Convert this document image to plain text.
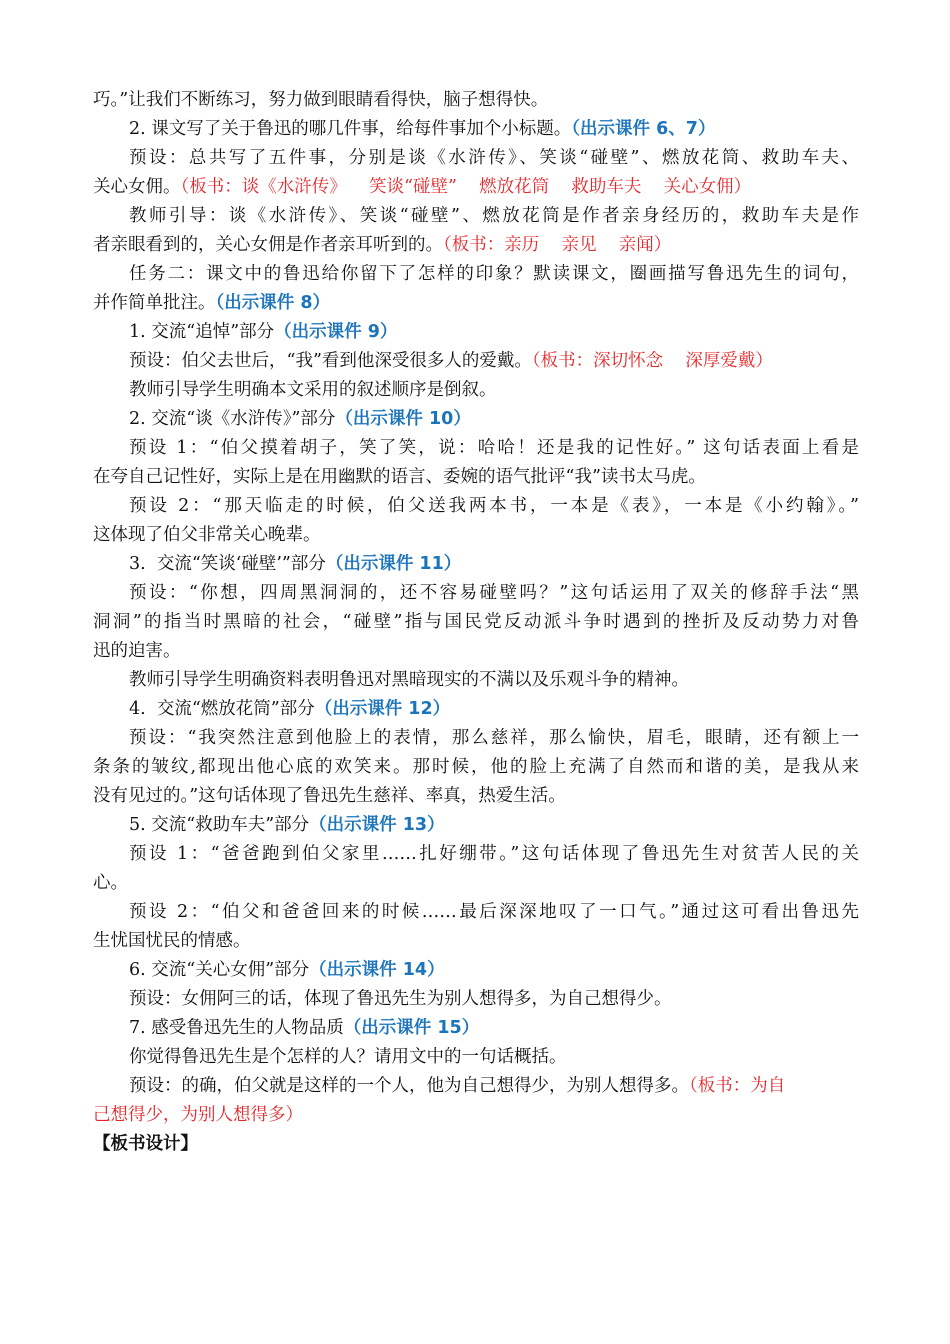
巧。”让我们不断练习，努力做到眼睛看得快，脑子想得快。
2. 课文写了关于鲁迅的哪几件事，给每件事加个小标题。（出示课件 6、7）
预设：总共写了五件事，分别是谈《水浒传》、笑谈“碰壁”、燃放花筒、救助车夫、
关心女佣。（板书：谈《水浒传》    笑谈“碰壁”    燃放花筒    救助车夫    关心女佣）
教师引导：谈《水浒传》、笑谈“碰壁”、燃放花筒是作者亲身经历的，救助车夫是作
者亲眼看到的，关心女佣是作者亲耳听到的。（板书：亲历    亲见    亲闻）
任务二：课文中的鲁迅给你留下了怎样的印象？默读课文，圈画描写鲁迅先生的词句，
并作简单批注。（出示课件 8）
1. 交流“追悼”部分（出示课件 9）
预设：伯父去世后，“我”看到他深受很多人的爱戴。（板书：深切怀念    深厚爱戴）
教师引导学生明确本文采用的叙述顺序是倒叙。
2. 交流“谈《水浒传》”部分（出示课件 10）
预设 1：“伯父摸着胡子，笑了笑，说：哈哈！还是我的记性好。” 这句话表面上看是
在夸自己记性好，实际上是在用幽默的语言、委婉的语气批评“我”读书太马虎。
预设 2：“那天临走的时候，伯父送我两本书，一本是《表》，一本是《小约翰》。”
这体现了伯父非常关心晚辈。
3.  交流“笑谈‘碰壁’”部分（出示课件 11）
预设：“你想，四周黑洞洞的，还不容易碰壁吗？”这句话运用了双关的修辞手法“黑
洞洞”的指当时黑暗的社会，“碰壁”指与国民党反动派斗争时遇到的挫折及反动势力对鲁
迅的迫害。
教师引导学生明确资料表明鲁迅对黑暗现实的不满以及乐观斗争的精神。
4.  交流“燃放花筒”部分（出示课件 12）
预设：“我突然注意到他脸上的表情，那么慈祥，那么愉快，眉毛，眼睛，还有额上一
条条的皱纹,都现出他心底的欢笑来。那时候，他的脸上充满了自然而和谐的美，是我从来
没有见过的。”这句话体现了鲁迅先生慈祥、率真，热爱生活。
5. 交流“救助车夫”部分（出示课件 13）
预设 1：“爸爸跑到伯父家里……扎好绷带。”这句话体现了鲁迅先生对贫苦人民的关
心。
预设 2：“伯父和爸爸回来的时候……最后深深地叹了一口气。”通过这可看出鲁迅先
生忧国忧民的情感。
6. 交流“关心女佣”部分（出示课件 14）
预设：女佣阿三的话，体现了鲁迅先生为别人想得多，为自己想得少。
7. 感受鲁迅先生的人物品质（出示课件 15）
你觉得鲁迅先生是个怎样的人？请用文中的一句话概括。
预设：的确，伯父就是这样的一个人，他为自己想得少，为别人想得多。（板书：为自
己想得少，为别人想得多）
【板书设计】
